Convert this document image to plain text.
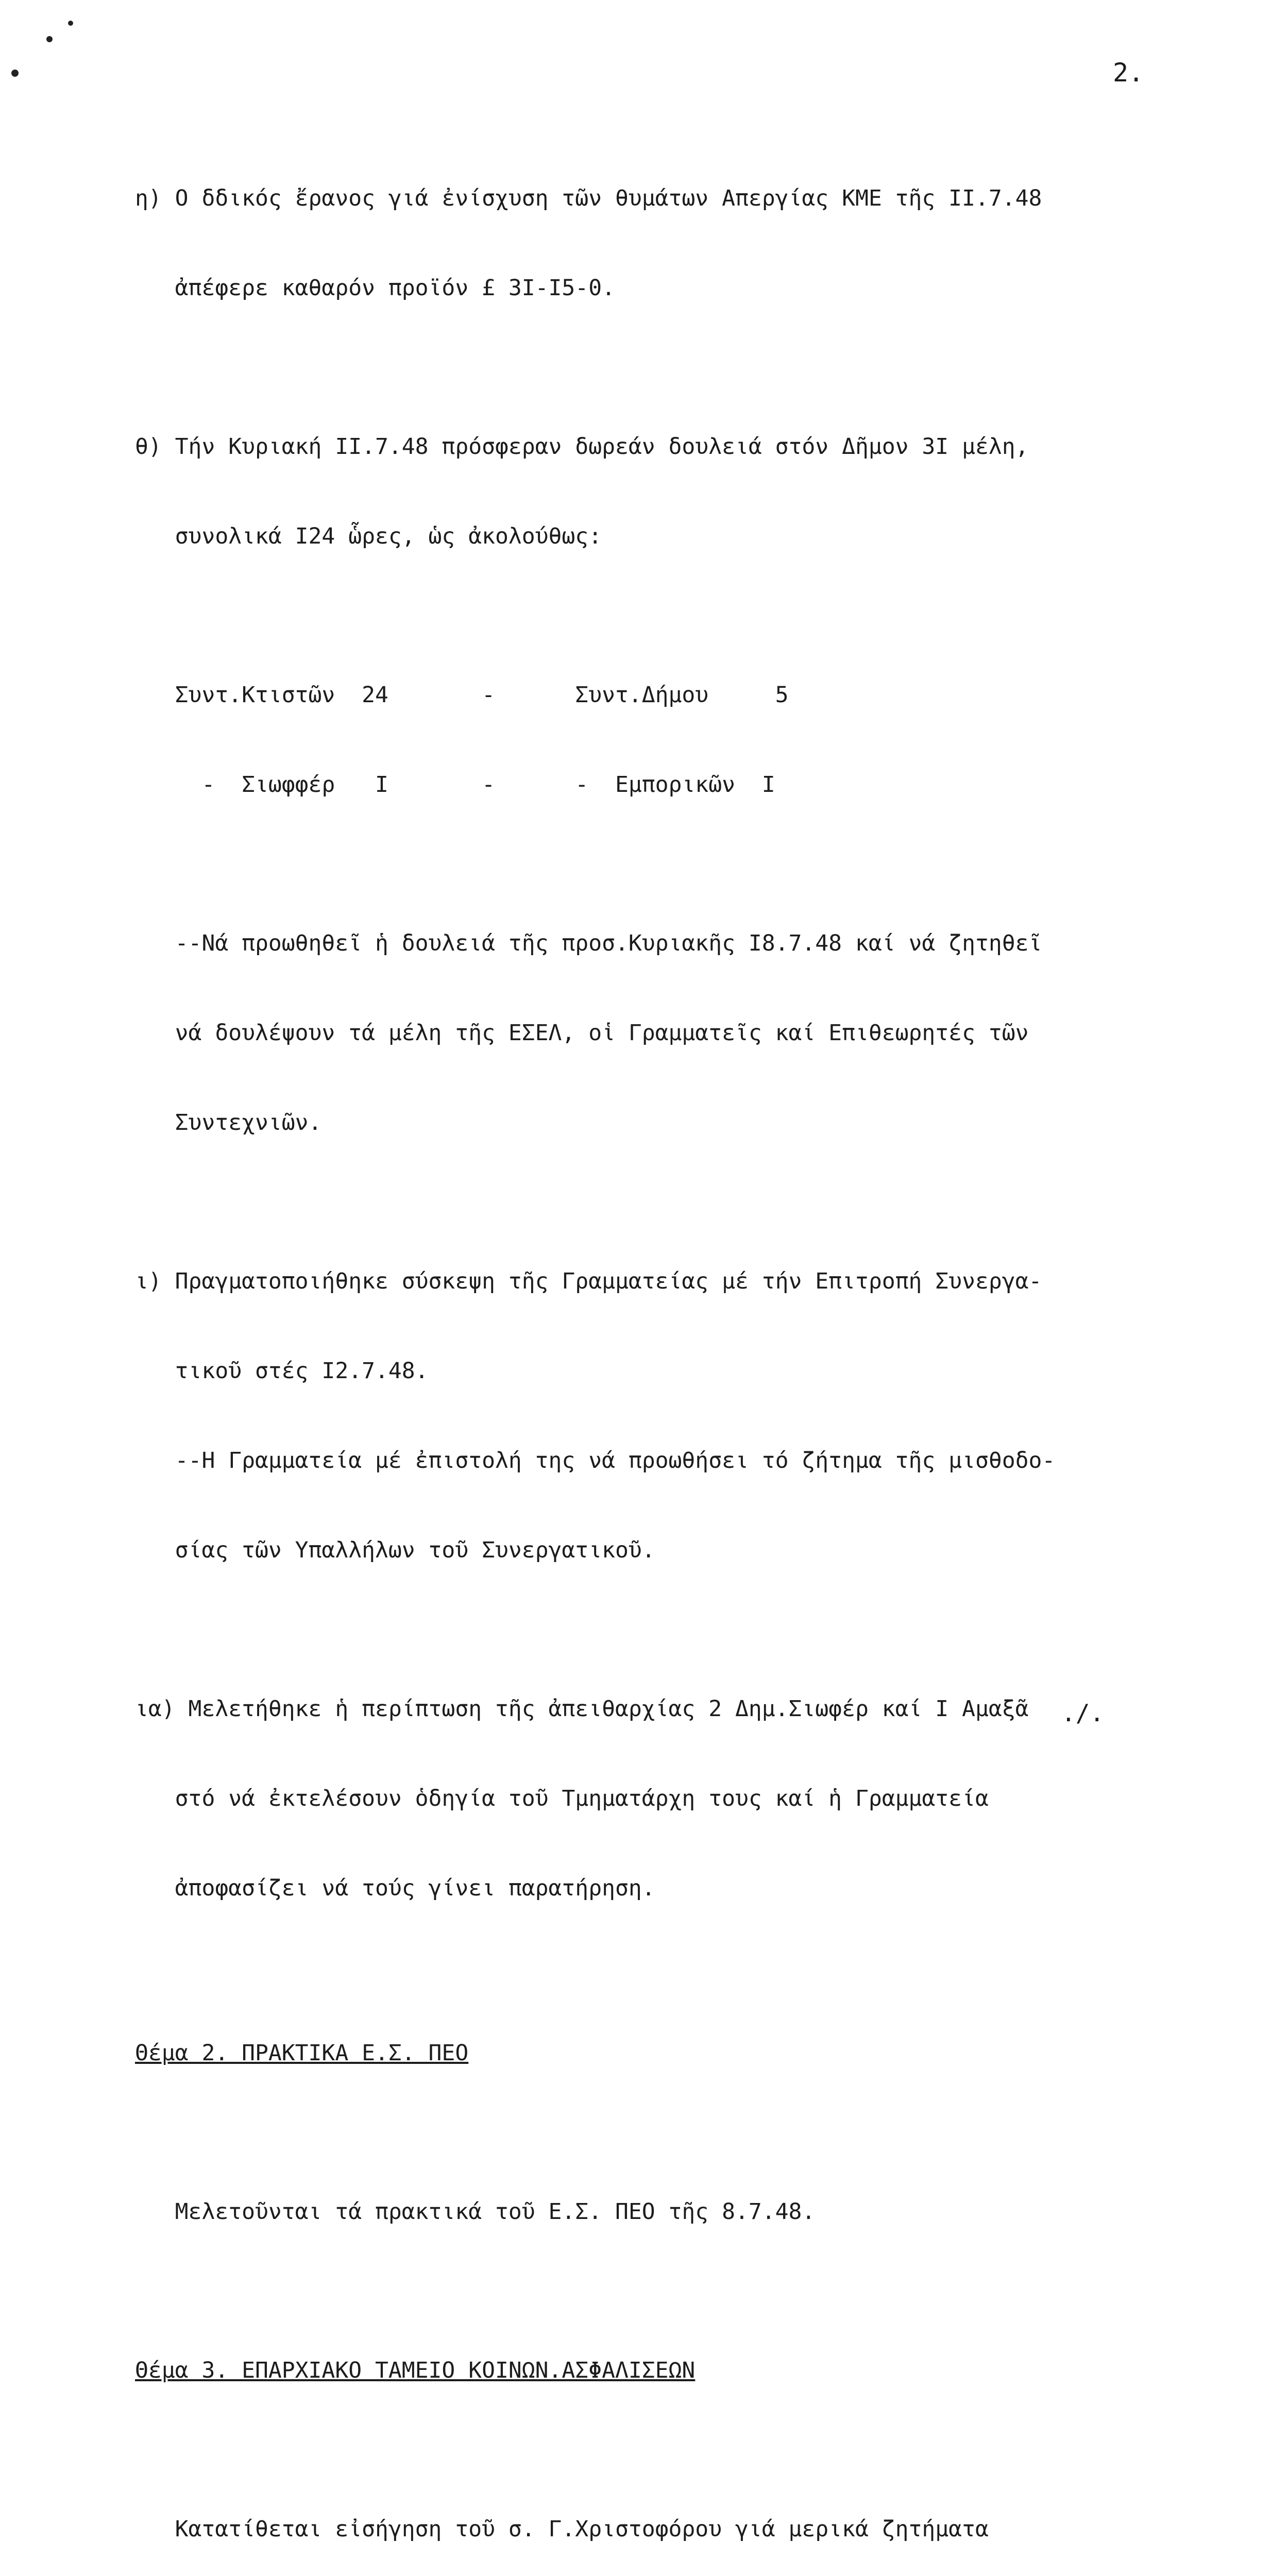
2.

η) Ο δδικός ἔρανος γιά ἐνίσχυση τῶν θυμάτων Απεργίας ΚΜΕ τῆς ΙΙ.7.48

ἀπέφερε καθαρόν προϊόν £ 3Ι-Ι5-0.

θ) Τήν Κυριακή ΙΙ.7.48 πρόσφεραν δωρεάν δουλειά στόν Δῆμον 3Ι μέλη,

συνολικά Ι24 ὧρες, ὡς ἀκολούθως:

Συντ.Κτιστῶν  24       -      Συντ.Δήμου     5

-  Σιωφφέρ   Ι       -      -  Εμπορικῶν  Ι

--Νά προωθηθεῖ ἡ δουλειά τῆς προσ.Κυριακῆς Ι8.7.48 καί νά ζητηθεῖ

νά δουλέψουν τά μέλη τῆς ΕΣΕΛ, οἱ Γραμματεῖς καί Επιθεωρητές τῶν

Συντεχνιῶν.

ι) Πραγματοποιήθηκε σύσκεψη τῆς Γραμματείας μέ τήν Επιτροπή Συνεργα-

τικοῦ στές Ι2.7.48.

--Η Γραμματεία μέ ἐπιστολή της νά προωθήσει τό ζήτημα τῆς μισθοδο-

σίας τῶν Υπαλλήλων τοῦ Συνεργατικοῦ.

ια) Μελετήθηκε ἡ περίπτωση τῆς ἀπειθαρχίας 2 Δημ.Σιωφέρ καί Ι Αμαξᾶ

στό νά ἐκτελέσουν ὁδηγία τοῦ Τμηματάρχη τους καί ἡ Γραμματεία

ἀποφασίζει νά τούς γίνει παρατήρηση.

Θέμα 2. ΠΡΑΚΤΙΚΑ Ε.Σ. ΠΕΟ

Μελετοῦνται τά πρακτικά τοῦ Ε.Σ. ΠΕΟ τῆς 8.7.48.

Θέμα 3. ΕΠΑΡΧΙΑΚΟ ΤΑΜΕΙΟ ΚΟΙΝΩΝ.ΑΣΦΑΛΙΣΕΩΝ

Κατατίθεται εἰσήγηση τοῦ σ. Γ.Χριστοφόρου γιά μερικά ζητήματα

./.
